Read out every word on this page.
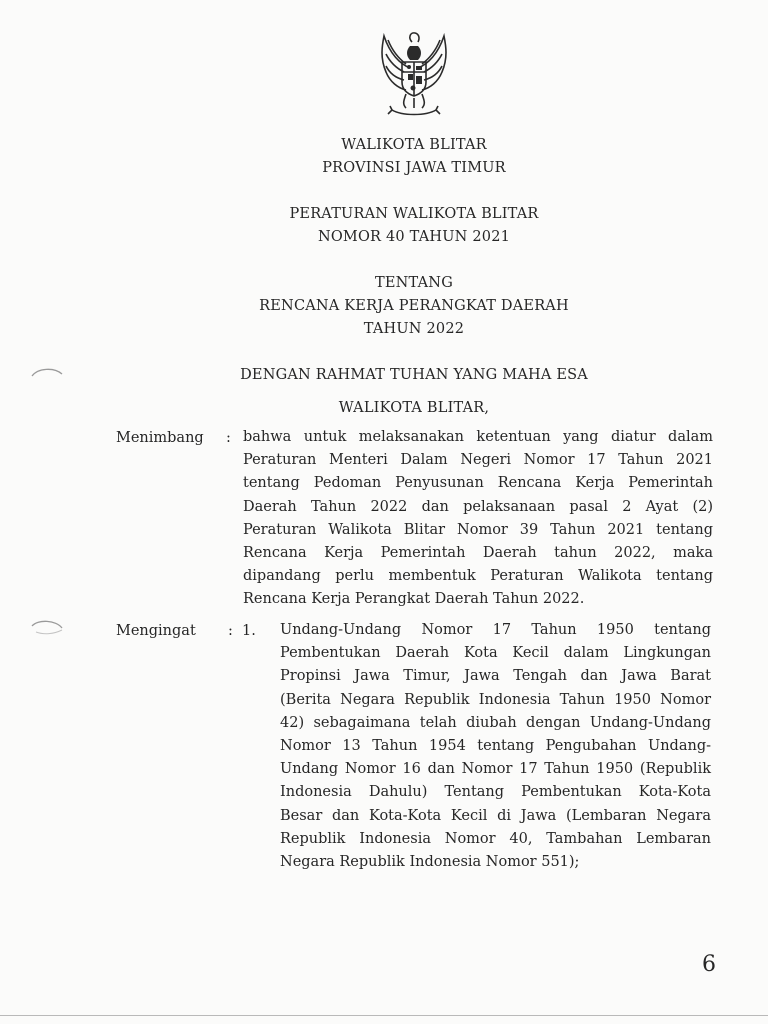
WALIKOTA BLITAR
PROVINSI JAWA TIMUR
PERATURAN WALIKOTA BLITAR
NOMOR 40 TAHUN 2021
TENTANG
RENCANA KERJA PERANGKAT DAERAH
TAHUN 2022
DENGAN RAHMAT TUHAN YANG MAHA ESA
WALIKOTA BLITAR,
Menimbang : bahwa untuk melaksanakan ketentuan yang diatur dalam
Peraturan Menteri Dalam Negeri Nomor 17 Tahun 2021
tentang Pedoman Penyusunan Rencana Kerja Pemerintah
Daerah Tahun 2022 dan pelaksanaan pasal 2 Ayat (2)
Peraturan Walikota Blitar Nomor 39 Tahun 2021 tentang
Rencana Kerja Pemerintah Daerah tahun 2022, maka
dipandang perlu membentuk Peraturan Walikota tentang
Rencana Kerja Perangkat Daerah Tahun 2022.
Mengingat : 1. Undang-Undang Nomor 17 Tahun 1950 tentang
Pembentukan Daerah Kota Kecil dalam Lingkungan
Propinsi Jawa Timur, Jawa Tengah dan Jawa Barat
(Berita Negara Republik Indonesia Tahun 1950 Nomor
42) sebagaimana telah diubah dengan Undang-Undang
Nomor 13 Tahun 1954 tentang Pengubahan Undang-
Undang Nomor 16 dan Nomor 17 Tahun 1950 (Republik
Indonesia Dahulu) Tentang Pembentukan Kota-Kota
Besar dan Kota-Kota Kecil di Jawa (Lembaran Negara
Republik Indonesia Nomor 40, Tambahan Lembaran
Negara Republik Indonesia Nomor 551);
6
